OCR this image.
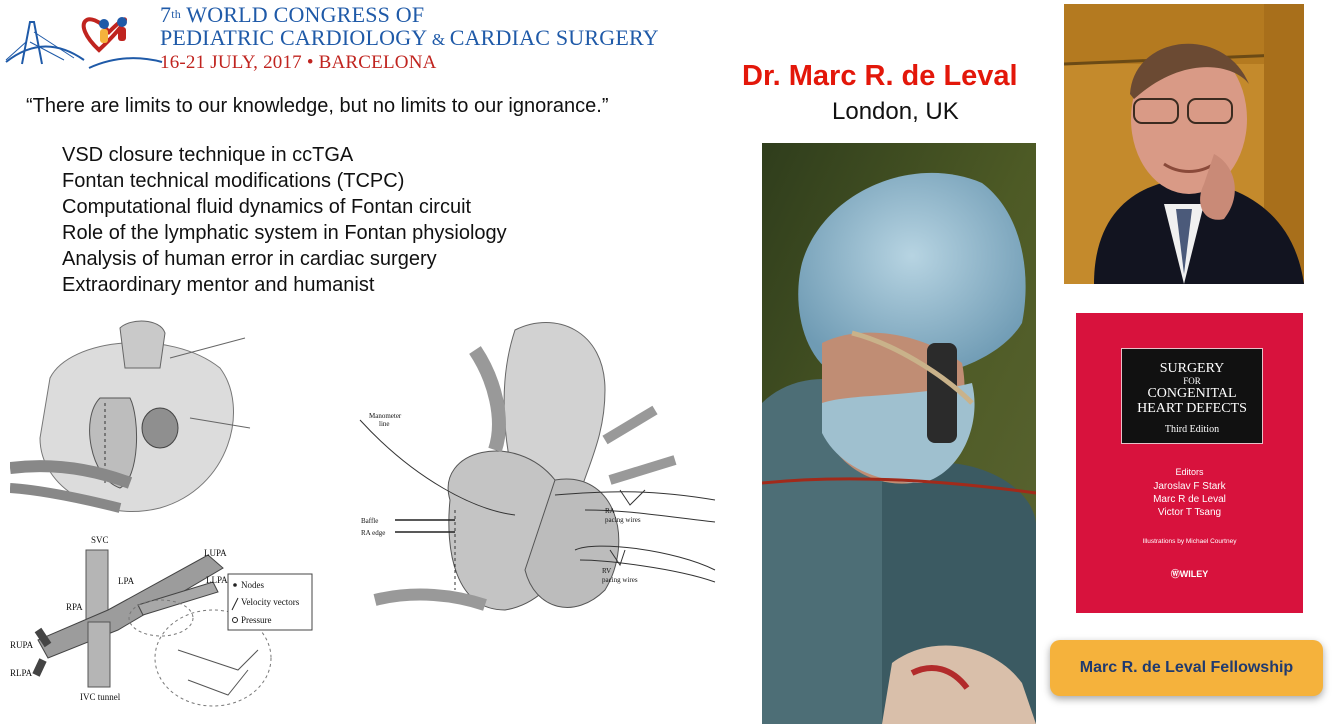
7th WORLD CONGRESS OF
PEDIATRIC CARDIOLOGY & CARDIAC SURGERY
16-21 JULY, 2017 • BARCELONA
“There are limits to our knowledge, but no limits to our ignorance.”
VSD closure technique in ccTGA
Fontan technical modifications (TCPC)
Computational fluid dynamics of Fontan circuit
Role of the lymphatic system in Fontan physiology
Analysis of human error in cardiac surgery
Extraordinary mentor and humanist
Dr. Marc R. de Leval
London, UK
SVC
LUPA
LPA	LLPA
RPA
RUPA
RLPA
IVC tunnel
Nodes
Velocity vectors
Pressure
Manometer
line
Baffle
RA edge
RA
pacing wires
RV
pacing wires
SURGERY
FOR
CONGENITAL
HEART DEFECTS
Third Edition
Editors
Jaroslav F Stark
Marc R de Leval
Victor T Tsang
Illustrations by Michael Courtney
ⓌWILEY
Marc R. de Leval Fellowship
